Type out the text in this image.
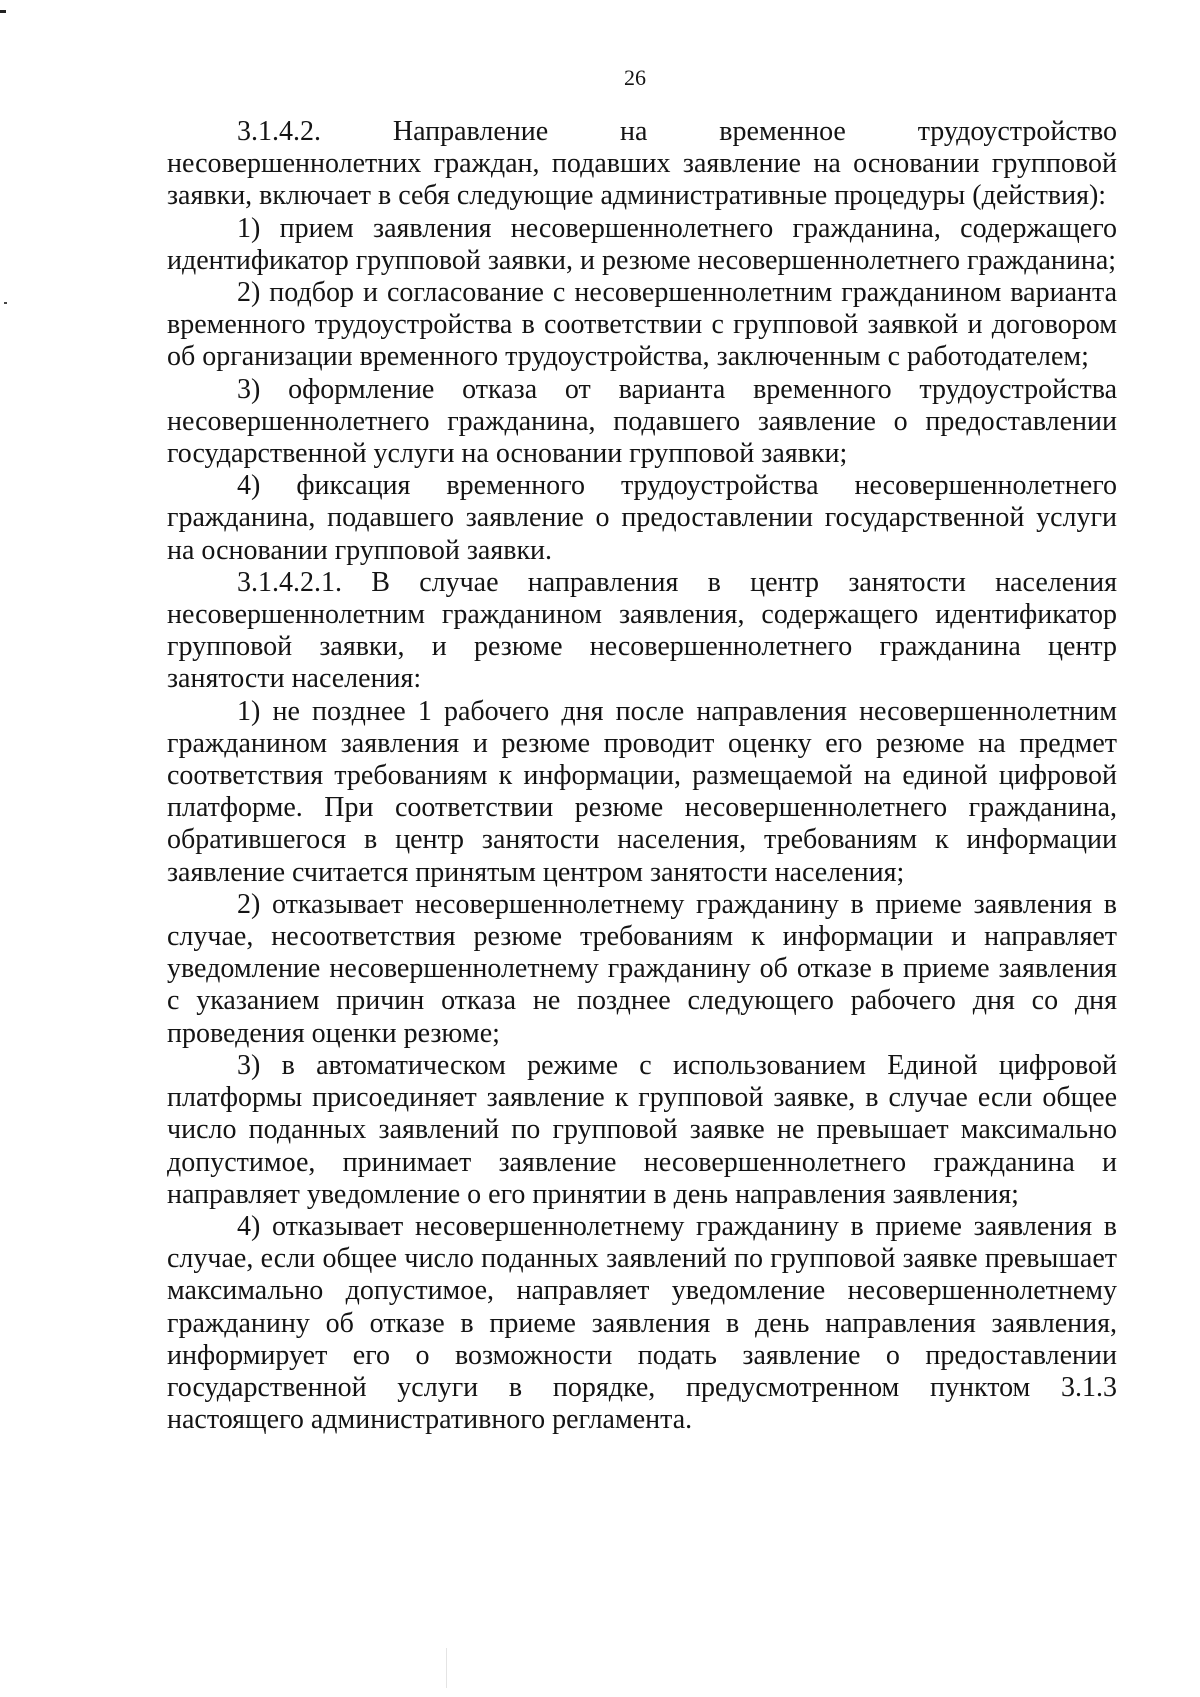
26

3.1.4.2. Направление на временное трудоустройство несовершеннолетних граждан, подавших заявление на основании групповой заявки, включает в себя следующие административные процедуры (действия):

1) прием заявления несовершеннолетнего гражданина, содержащего идентификатор групповой заявки, и резюме несовершеннолетнего гражданина;

2) подбор и согласование с несовершеннолетним гражданином варианта временного трудоустройства в соответствии с групповой заявкой и договором об организации временного трудоустройства, заключенным с работодателем;

3) оформление отказа от варианта временного трудоустройства несовершеннолетнего гражданина, подавшего заявление о предоставлении государственной услуги на основании групповой заявки;

4) фиксация временного трудоустройства несовершеннолетнего гражданина, подавшего заявление о предоставлении государственной услуги на основании групповой заявки.

3.1.4.2.1. В случае направления в центр занятости населения несовершеннолетним гражданином заявления, содержащего идентификатор групповой заявки, и резюме несовершеннолетнего гражданина центр занятости населения:

1) не позднее 1 рабочего дня после направления несовершеннолетним гражданином заявления и резюме проводит оценку его резюме на предмет соответствия требованиям к информации, размещаемой на единой цифровой платформе. При соответствии резюме несовершеннолетнего гражданина, обратившегося в центр занятости населения, требованиям к информации заявление считается принятым центром занятости населения;

2) отказывает несовершеннолетнему гражданину в приеме заявления в случае, несоответствия резюме требованиям к информации и направляет уведомление несовершеннолетнему гражданину об отказе в приеме заявления с указанием причин отказа не позднее следующего рабочего дня со дня проведения оценки резюме;

3) в автоматическом режиме с использованием Единой цифровой платформы присоединяет заявление к групповой заявке, в случае если общее число поданных заявлений по групповой заявке не превышает максимально допустимое, принимает заявление несовершеннолетнего гражданина и направляет уведомление о его принятии в день направления заявления;

4) отказывает несовершеннолетнему гражданину в приеме заявления в случае, если общее число поданных заявлений по групповой заявке превышает максимально допустимое, направляет уведомление несовершеннолетнему гражданину об отказе в приеме заявления в день направления заявления, информирует его о возможности подать заявление о предоставлении государственной услуги в порядке, предусмотренном пунктом 3.1.3 настоящего административного регламента.
